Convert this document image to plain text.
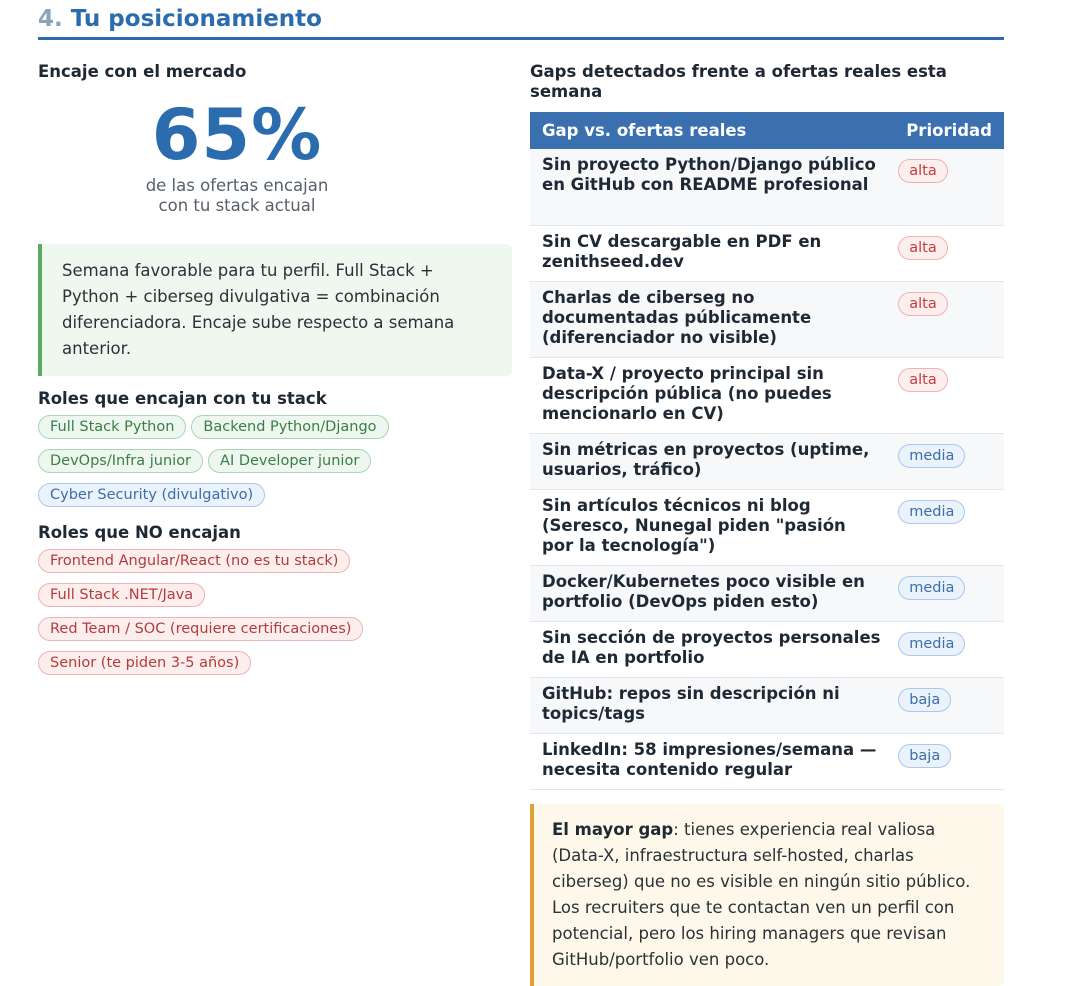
4. Tu posicionamiento
Encaje con el mercado
65%
de las ofertas encajan
con tu stack actual
Semana favorable para tu perfil. Full Stack + Python + ciberseg divulgativa = combinación diferenciadora. Encaje sube respecto a semana anterior.
Roles que encajan con tu stack
Full Stack Python Backend Python/DjangoDevOps/Infra junior AI Developer juniorCyber Security (divulgativo)
Roles que NO encajan
Frontend Angular/React (no es tu stack)Full Stack .NET/JavaRed Team / SOC (requiere certificaciones)Senior (te piden 3-5 años)
Gaps detectados frente a ofertas reales esta semana
Gap vs. ofertas reales	Prioridad
Sin proyecto Python/Django público en GitHub con README profesional	alta
Sin CV descargable en PDF en zenithseed.dev	alta
Charlas de ciberseg no documentadas públicamente (diferenciador no visible)	alta
Data-X / proyecto principal sin descripción pública (no puedes mencionarlo en CV)	alta
Sin métricas en proyectos (uptime, usuarios, tráfico)	media
Sin artículos técnicos ni blog (Seresco, Nunegal piden "pasión por la tecnología")	media
Docker/Kubernetes poco visible en portfolio (DevOps piden esto)	media
Sin sección de proyectos personales de IA en portfolio	media
GitHub: repos sin descripción ni topics/tags	baja
LinkedIn: 58 impresiones/semana — necesita contenido regular	baja
El mayor gap: tienes experiencia real valiosa (Data-X, infraestructura self-hosted, charlas ciberseg) que no es visible en ningún sitio público. Los recruiters que te contactan ven un perfil con potencial, pero los hiring managers que revisan GitHub/portfolio ven poco.
